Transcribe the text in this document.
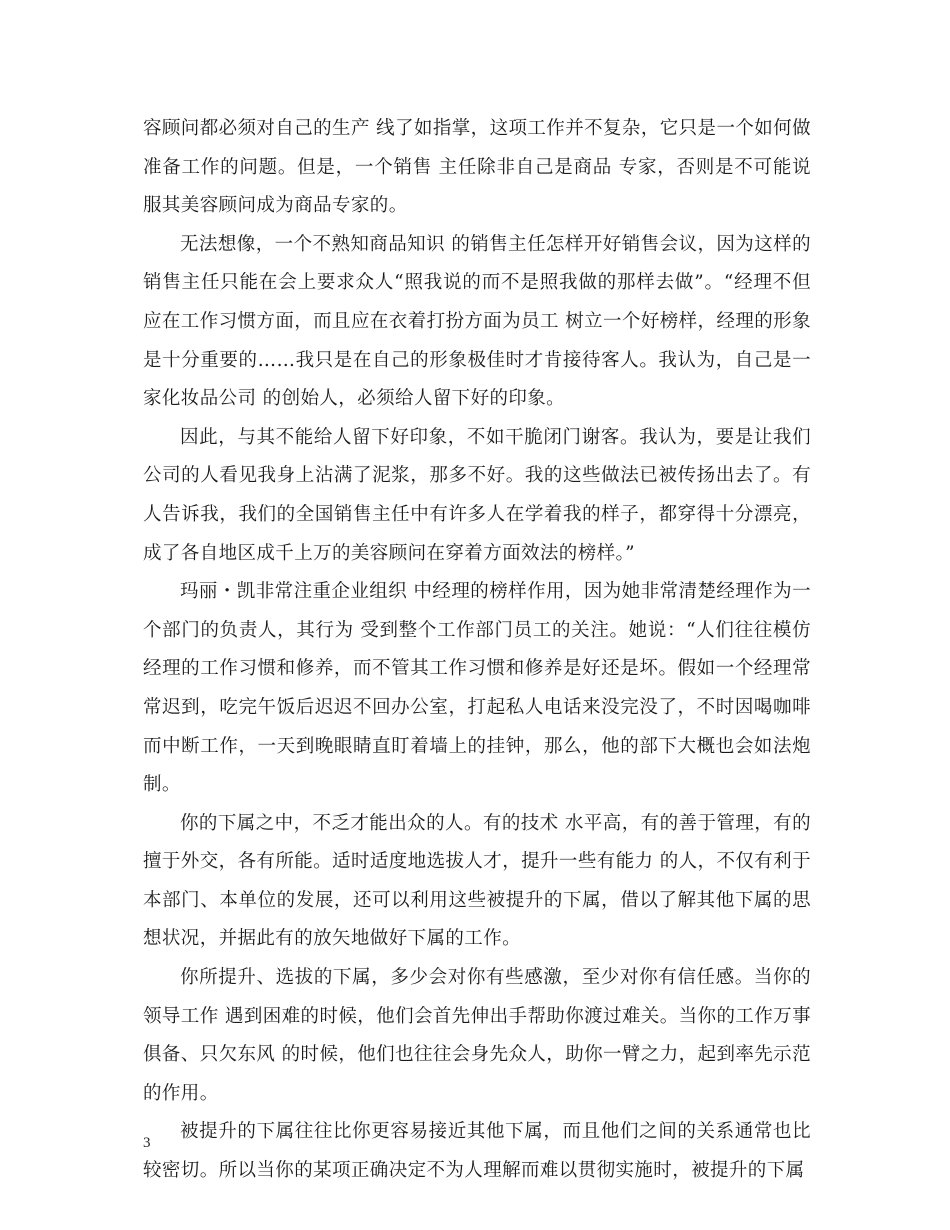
容顾问都必须对自己的生产 线了如指掌，这项工作并不复杂，它只是一个如何做准备工作的问题。但是，一个销售 主任除非自己是商品 专家，否则是不可能说服其美容顾问成为商品专家的。

无法想像，一个不熟知商品知识 的销售主任怎样开好销售会议，因为这样的销售主任只能在会上要求众人“照我说的而不是照我做的那样去做”。“经理不但应在工作习惯方面，而且应在衣着打扮方面为员工 树立一个好榜样，经理的形象是十分重要的……我只是在自己的形象极佳时才肯接待客人。我认为，自己是一家化妆品公司 的创始人，必须给人留下好的印象。

因此，与其不能给人留下好印象，不如干脆闭门谢客。我认为，要是让我们公司的人看见我身上沾满了泥浆，那多不好。我的这些做法已被传扬出去了。有人告诉我，我们的全国销售主任中有许多人在学着我的样子，都穿得十分漂亮，成了各自地区成千上万的美容顾问在穿着方面效法的榜样。”

玛丽・凯非常注重企业组织 中经理的榜样作用，因为她非常清楚经理作为一个部门的负责人，其行为 受到整个工作部门员工的关注。她说：“人们往往模仿经理的工作习惯和修养，而不管其工作习惯和修养是好还是坏。假如一个经理常常迟到，吃完午饭后迟迟不回办公室，打起私人电话来没完没了，不时因喝咖啡而中断工作，一天到晚眼睛直盯着墙上的挂钟，那么，他的部下大概也会如法炮制。

你的下属之中，不乏才能出众的人。有的技术 水平高，有的善于管理，有的擅于外交，各有所能。适时适度地选拔人才，提升一些有能力 的人，不仅有利于本部门、本单位的发展，还可以利用这些被提升的下属，借以了解其他下属的思想状况，并据此有的放矢地做好下属的工作。

你所提升、选拔的下属，多少会对你有些感激，至少对你有信任感。当你的领导工作 遇到困难的时候，他们会首先伸出手帮助你渡过难关。当你的工作万事俱备、只欠东风 的时候，他们也往往会身先众人，助你一臂之力，起到率先示范的作用。

被提升的下属往往比你更容易接近其他下属，而且他们之间的关系通常也比较密切。所以当你的某项正确决定不为人理解而难以贯彻实施时，被提升的下属

3
